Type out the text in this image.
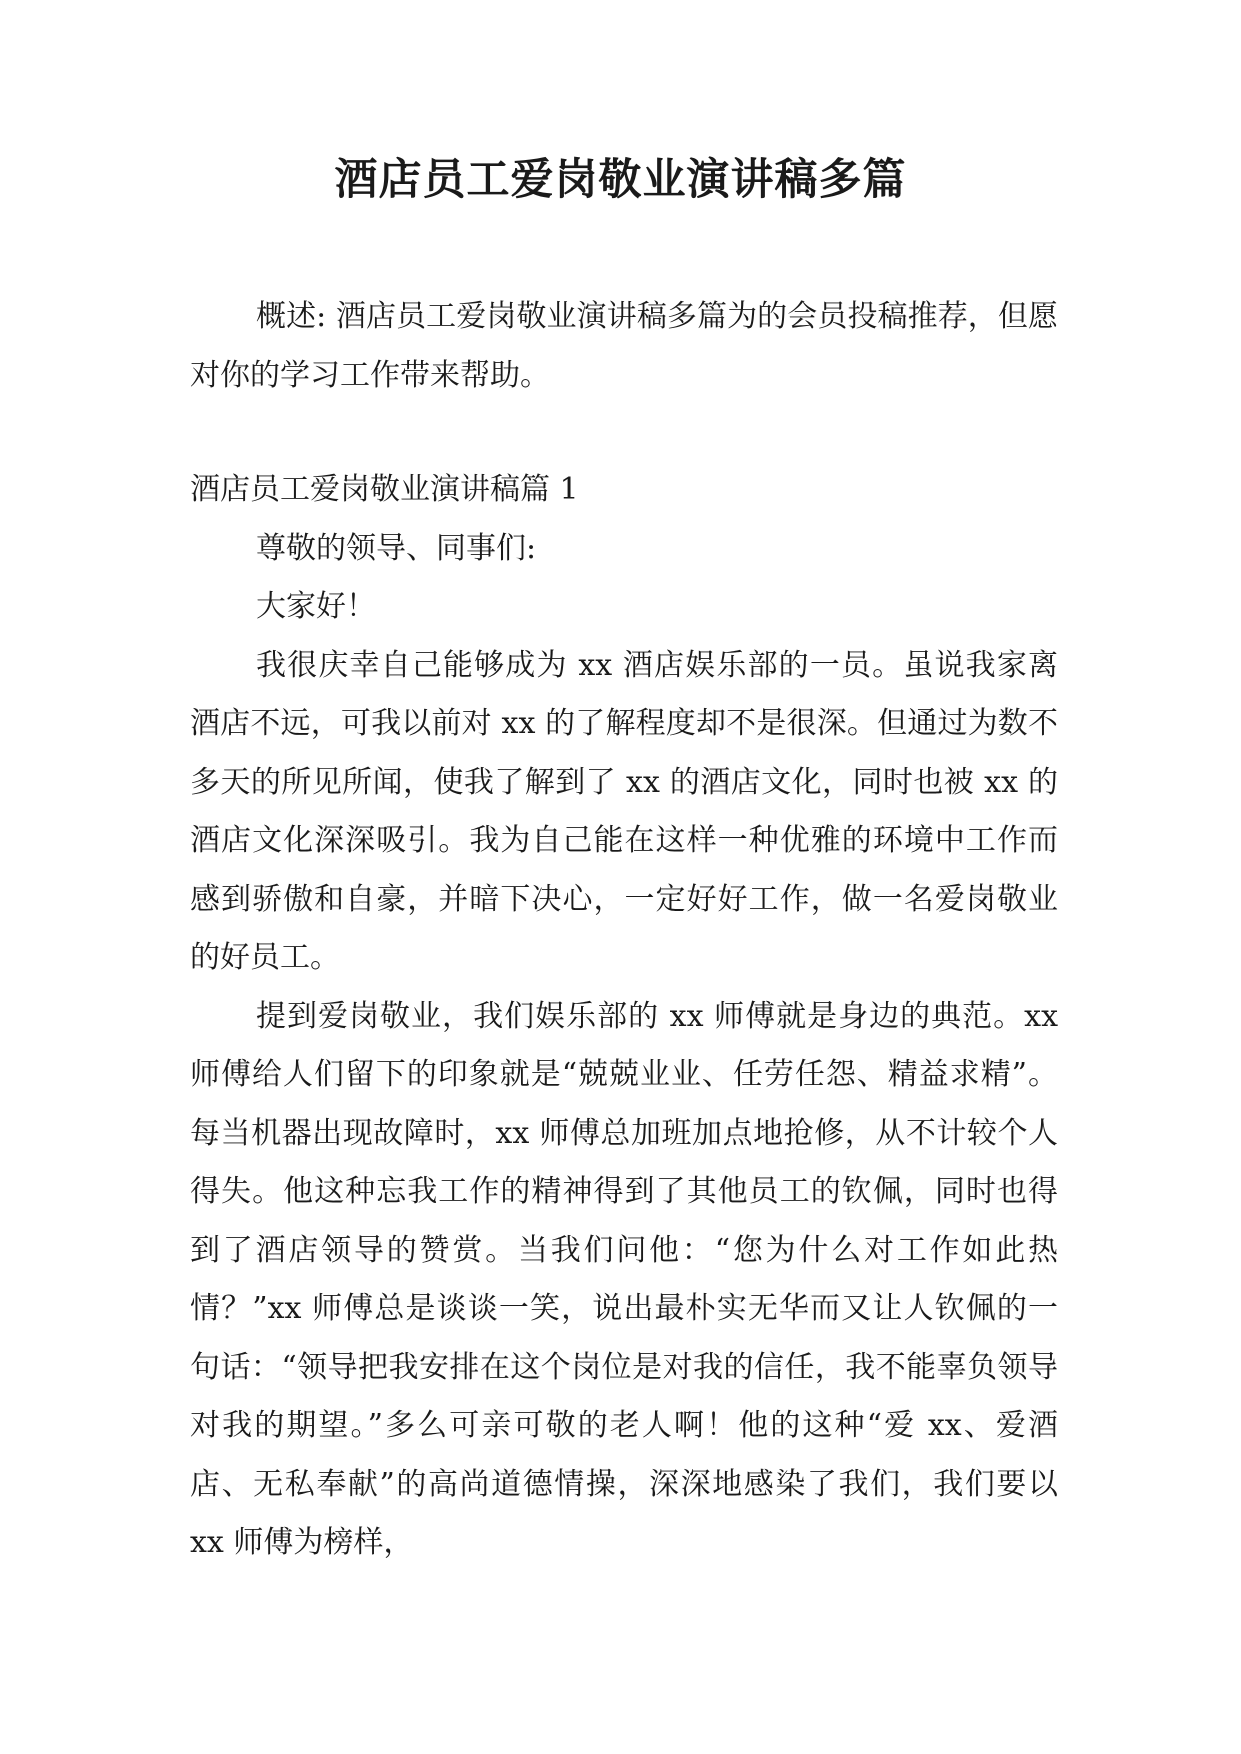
酒店员工爱岗敬业演讲稿多篇

概述: 酒店员工爱岗敬业演讲稿多篇为的会员投稿推荐，但愿对你的学习工作带来帮助。

酒店员工爱岗敬业演讲稿篇 1

尊敬的领导、同事们:

大家好！

我很庆幸自己能够成为 xx 酒店娱乐部的一员。虽说我家离酒店不远，可我以前对 xx 的了解程度却不是很深。但通过为数不多天的所见所闻，使我了解到了 xx 的酒店文化，同时也被 xx 的酒店文化深深吸引。我为自己能在这样一种优雅的环境中工作而感到骄傲和自豪，并暗下决心，一定好好工作，做一名爱岗敬业的好员工。

提到爱岗敬业，我们娱乐部的 xx 师傅就是身边的典范。xx 师傅给人们留下的印象就是“兢兢业业、任劳任怨、精益求精”。每当机器出现故障时，xx 师傅总加班加点地抢修，从不计较个人得失。他这种忘我工作的精神得到了其他员工的钦佩，同时也得到了酒店领导的赞赏。当我们问他：“您为什么对工作如此热情？”xx 师傅总是谈谈一笑，说出最朴实无华而又让人钦佩的一句话：“领导把我安排在这个岗位是对我的信任，我不能辜负领导对我的期望。”多么可亲可敬的老人啊！他的这种“爱 xx、爱酒店、无私奉献”的高尚道德情操，深深地感染了我们，我们要以 xx 师傅为榜样，
